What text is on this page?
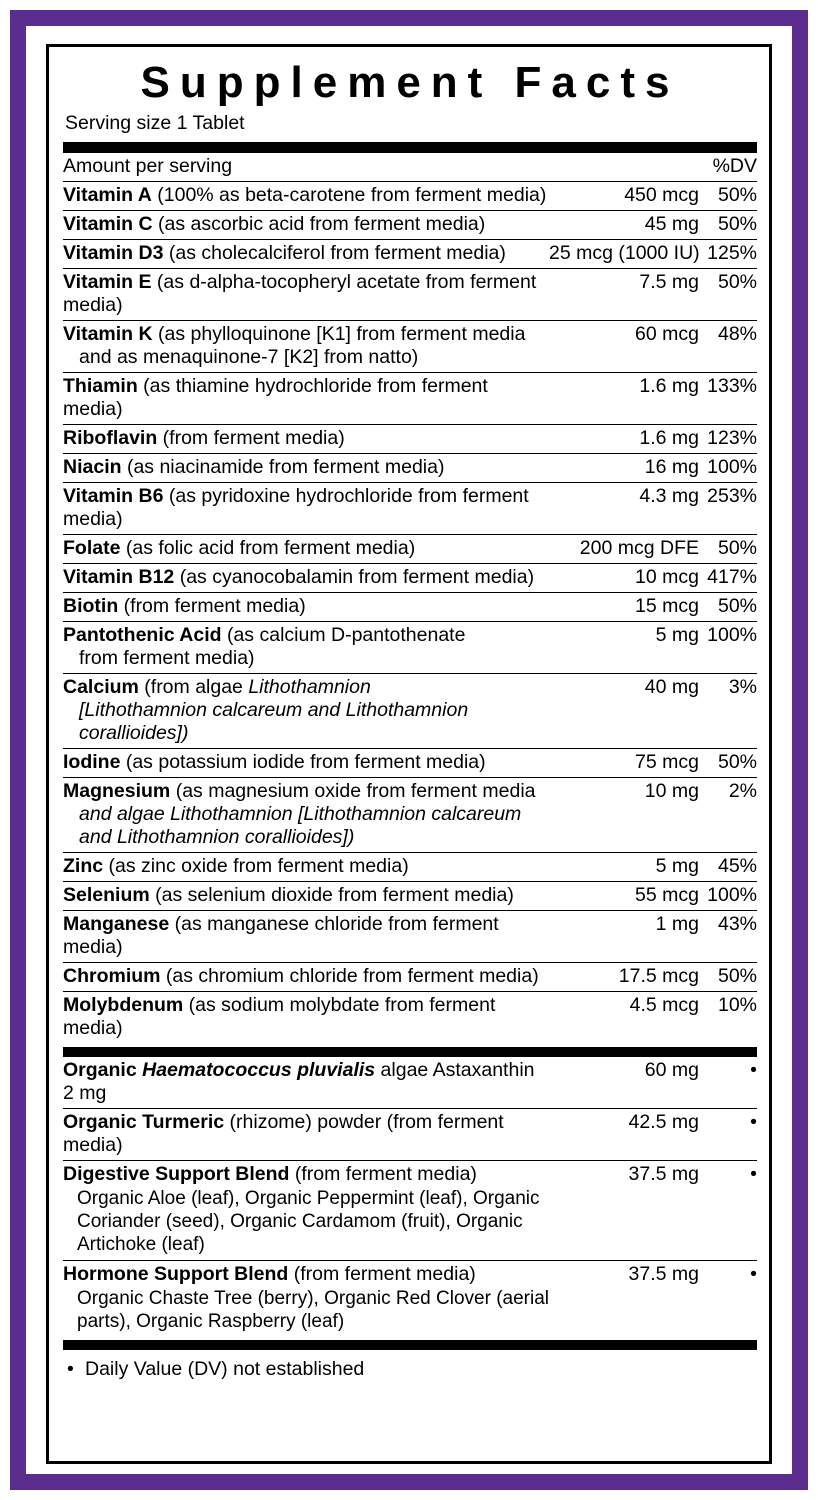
Supplement Facts
Serving size 1 Tablet
Amount per serving		%DV
Vitamin A (100% as beta-carotene from ferment media)	450 mcg	50%
Vitamin C (as ascorbic acid from ferment media)	45 mg	50%
Vitamin D3 (as cholecalciferol from ferment media)	25 mcg (1000 IU)	125%
Vitamin E (as d-alpha-tocopheryl acetate from ferment media)	7.5 mg	50%
Vitamin K (as phylloquinone [K1] from ferment media
and as menaquinone-7 [K2] from natto)	60 mcg	48%
Thiamin (as thiamine hydrochloride from ferment media)	1.6 mg	133%
Riboflavin (from ferment media)	1.6 mg	123%
Niacin (as niacinamide from ferment media)	16 mg	100%
Vitamin B6 (as pyridoxine hydrochloride from ferment media)	4.3 mg	253%
Folate (as folic acid from ferment media)	200 mcg DFE	50%
Vitamin B12 (as cyanocobalamin from ferment media)	10 mcg	417%
Biotin (from ferment media)	15 mcg	50%
Pantothenic Acid (as calcium D-pantothenate
from ferment media)	5 mg	100%
Calcium (from algae Lithothamnion
[Lithothamnion calcareum and Lithothamnion corallioides])	40 mg	3%
Iodine (as potassium iodide from ferment media)	75 mcg	50%
Magnesium (as magnesium oxide from ferment media
and algae Lithothamnion [Lithothamnion calcareum
and Lithothamnion corallioides])	10 mg	2%
Zinc (as zinc oxide from ferment media)	5 mg	45%
Selenium (as selenium dioxide from ferment media)	55 mcg	100%
Manganese (as manganese chloride from ferment media)	1 mg	43%
Chromium (as chromium chloride from ferment media)	17.5 mcg	50%
Molybdenum (as sodium molybdate from ferment media)	4.5 mcg	10%
Organic Haematococcus pluvialis algae Astaxanthin 2 mg	60 mg	•
Organic Turmeric (rhizome) powder (from ferment media)	42.5 mg	•
Digestive Support Blend (from ferment media)
Organic Aloe (leaf), Organic Peppermint (leaf), Organic Coriander (seed), Organic Cardamom (fruit), Organic Artichoke (leaf)	37.5 mg	•
Hormone Support Blend (from ferment media)
Organic Chaste Tree (berry), Organic Red Clover (aerial parts), Organic Raspberry (leaf)	37.5 mg	•
• Daily Value (DV) not established
